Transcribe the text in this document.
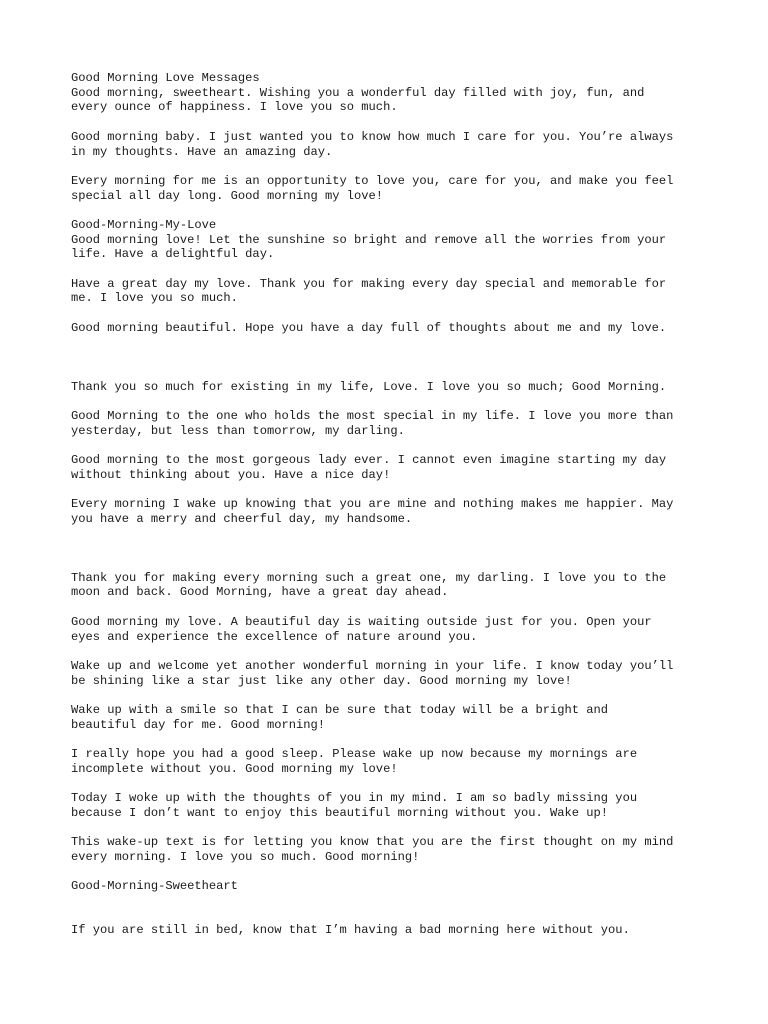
Good Morning Love Messages
Good morning, sweetheart. Wishing you a wonderful day filled with joy, fun, and
every ounce of happiness. I love you so much.
Good morning baby. I just wanted you to know how much I care for you. You’re always
in my thoughts. Have an amazing day.
Every morning for me is an opportunity to love you, care for you, and make you feel
special all day long. Good morning my love!
Good-Morning-My-Love
Good morning love! Let the sunshine so bright and remove all the worries from your
life. Have a delightful day.
Have a great day my love. Thank you for making every day special and memorable for
me. I love you so much.
Good morning beautiful. Hope you have a day full of thoughts about me and my love.
Thank you so much for existing in my life, Love. I love you so much; Good Morning.
Good Morning to the one who holds the most special in my life. I love you more than
yesterday, but less than tomorrow, my darling.
Good morning to the most gorgeous lady ever. I cannot even imagine starting my day
without thinking about you. Have a nice day!
Every morning I wake up knowing that you are mine and nothing makes me happier. May
you have a merry and cheerful day, my handsome.
Thank you for making every morning such a great one, my darling. I love you to the
moon and back. Good Morning, have a great day ahead.
Good morning my love. A beautiful day is waiting outside just for you. Open your
eyes and experience the excellence of nature around you.
Wake up and welcome yet another wonderful morning in your life. I know today you’ll
be shining like a star just like any other day. Good morning my love!
Wake up with a smile so that I can be sure that today will be a bright and
beautiful day for me. Good morning!
I really hope you had a good sleep. Please wake up now because my mornings are
incomplete without you. Good morning my love!
Today I woke up with the thoughts of you in my mind. I am so badly missing you
because I don’t want to enjoy this beautiful morning without you. Wake up!
This wake-up text is for letting you know that you are the first thought on my mind
every morning. I love you so much. Good morning!
Good-Morning-Sweetheart
If you are still in bed, know that I’m having a bad morning here without you.
